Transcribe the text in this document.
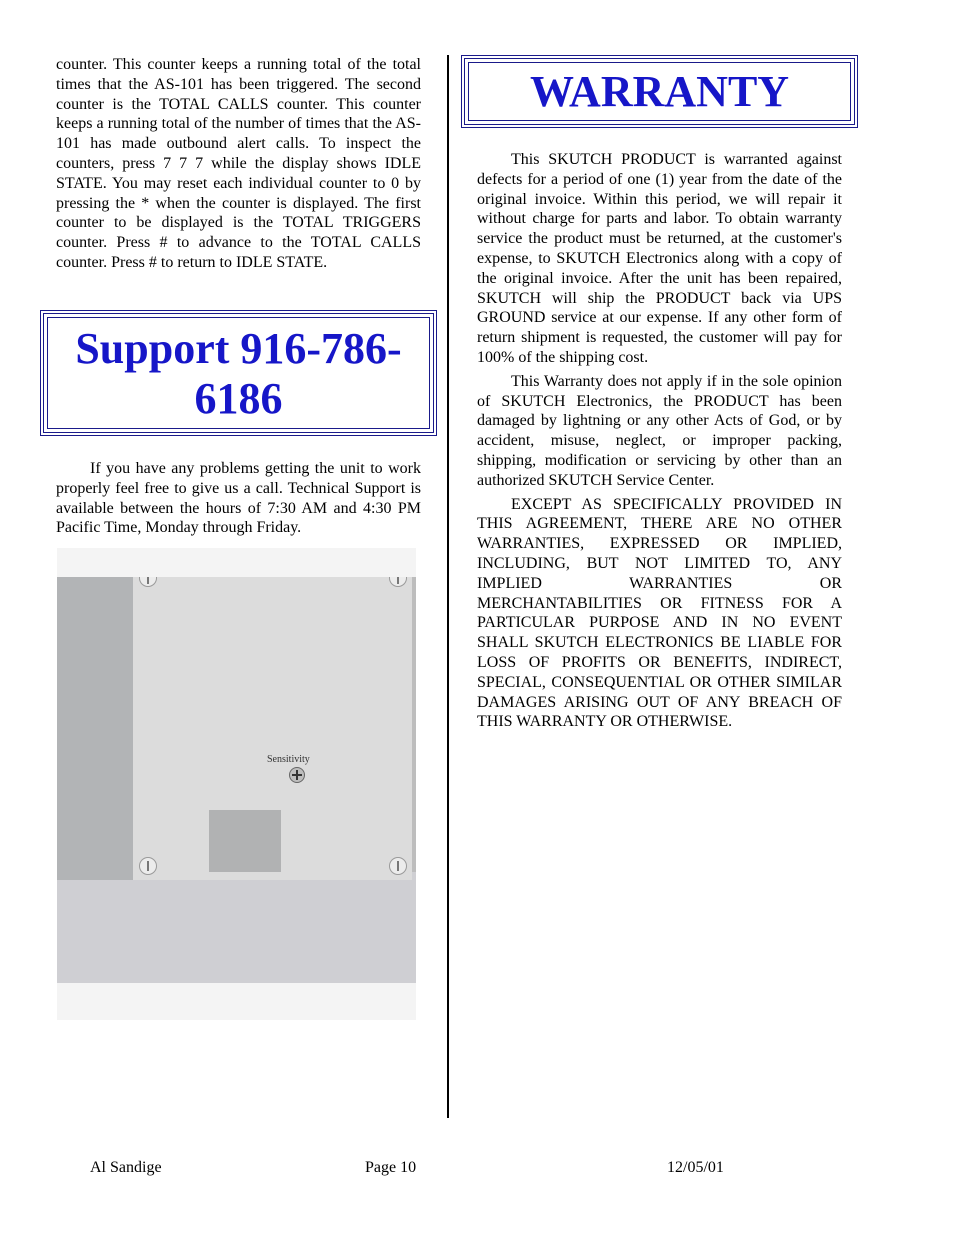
counter. This counter keeps a running total of the total times that the AS-101 has been triggered. The second counter is the TOTAL CALLS counter. This counter keeps a running total of the number of times that the AS-101 has made outbound alert calls. To inspect the counters, press 7 7 7 while the display shows IDLE STATE. You may reset each individual counter to 0 by pressing the * when the counter is displayed. The first counter to be displayed is the TOTAL TRIGGERS counter. Press # to advance to the TOTAL CALLS counter. Press # to return to IDLE STATE.

Support 916-786-6186

If you have any problems getting the unit to work properly feel free to give us a call. Technical Support is available between the hours of 7:30 AM and 4:30 PM Pacific Time, Monday through Friday.

Sensitivity
WARRANTY

This SKUTCH PRODUCT is warranted against defects for a period of one (1) year from the date of the original invoice. Within this period, we will repair it without charge for parts and labor. To obtain warranty service the product must be returned, at the customer's expense, to SKUTCH Electronics along with a copy of the original invoice. After the unit has been repaired, SKUTCH will ship the PRODUCT back via UPS GROUND service at our expense. If any other form of return shipment is requested, the customer will pay for 100% of the shipping cost.

This Warranty does not apply if in the sole opinion of SKUTCH Electronics, the PRODUCT has been damaged by lightning or any other Acts of God, or by accident, misuse, neglect, or improper packing, shipping, modification or servicing by other than an authorized SKUTCH Service Center.

EXCEPT AS SPECIFICALLY PROVIDED IN THIS AGREEMENT, THERE ARE NO OTHER WARRANTIES, EXPRESSED OR IMPLIED, INCLUDING, BUT NOT LIMITED TO, ANY IMPLIED WARRANTIES OR MERCHANTABILITIES OR FITNESS FOR A PARTICULAR PURPOSE AND IN NO EVENT SHALL SKUTCH ELECTRONICS BE LIABLE FOR LOSS OF PROFITS OR BENEFITS, INDIRECT, SPECIAL, CONSEQUENTIAL OR OTHER SIMILAR DAMAGES ARISING OUT OF ANY BREACH OF THIS WARRANTY OR OTHERWISE.

Al Sandige	Page 10	12/05/01
